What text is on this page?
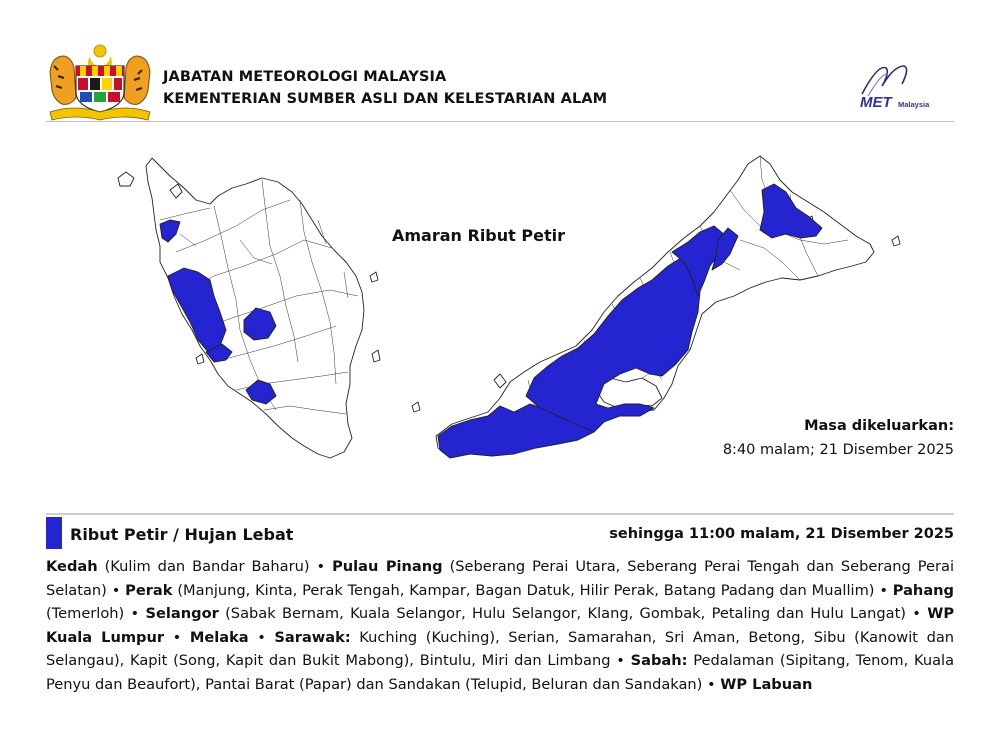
JABATAN METEOROLOGI MALAYSIA
KEMENTERIAN SUMBER ASLI DAN KELESTARIAN ALAM	MET Malaysia
Amaran Ribut Petir
Masa dikeluarkan:
8:40 malam; 21 Disember 2025
Ribut Petir / Hujan Lebat	sehingga 11:00 malam, 21 Disember 2025
Kedah (Kulim dan Bandar Baharu) • Pulau Pinang (Seberang Perai Utara, Seberang Perai Tengah dan Seberang Perai Selatan) • Perak (Manjung, Kinta, Perak Tengah, Kampar, Bagan Datuk, Hilir Perak, Batang Padang dan Muallim) • Pahang (Temerloh) • Selangor (Sabak Bernam, Kuala Selangor, Hulu Selangor, Klang, Gombak, Petaling dan Hulu Langat) • WP Kuala Lumpur • Melaka • Sarawak: Kuching (Kuching), Serian, Samarahan, Sri Aman, Betong, Sibu (Kanowit dan Selangau), Kapit (Song, Kapit dan Bukit Mabong), Bintulu, Miri dan Limbang • Sabah: Pedalaman (Sipitang, Tenom, Kuala Penyu dan Beaufort), Pantai Barat (Papar) dan Sandakan (Telupid, Beluran dan Sandakan) • WP Labuan
